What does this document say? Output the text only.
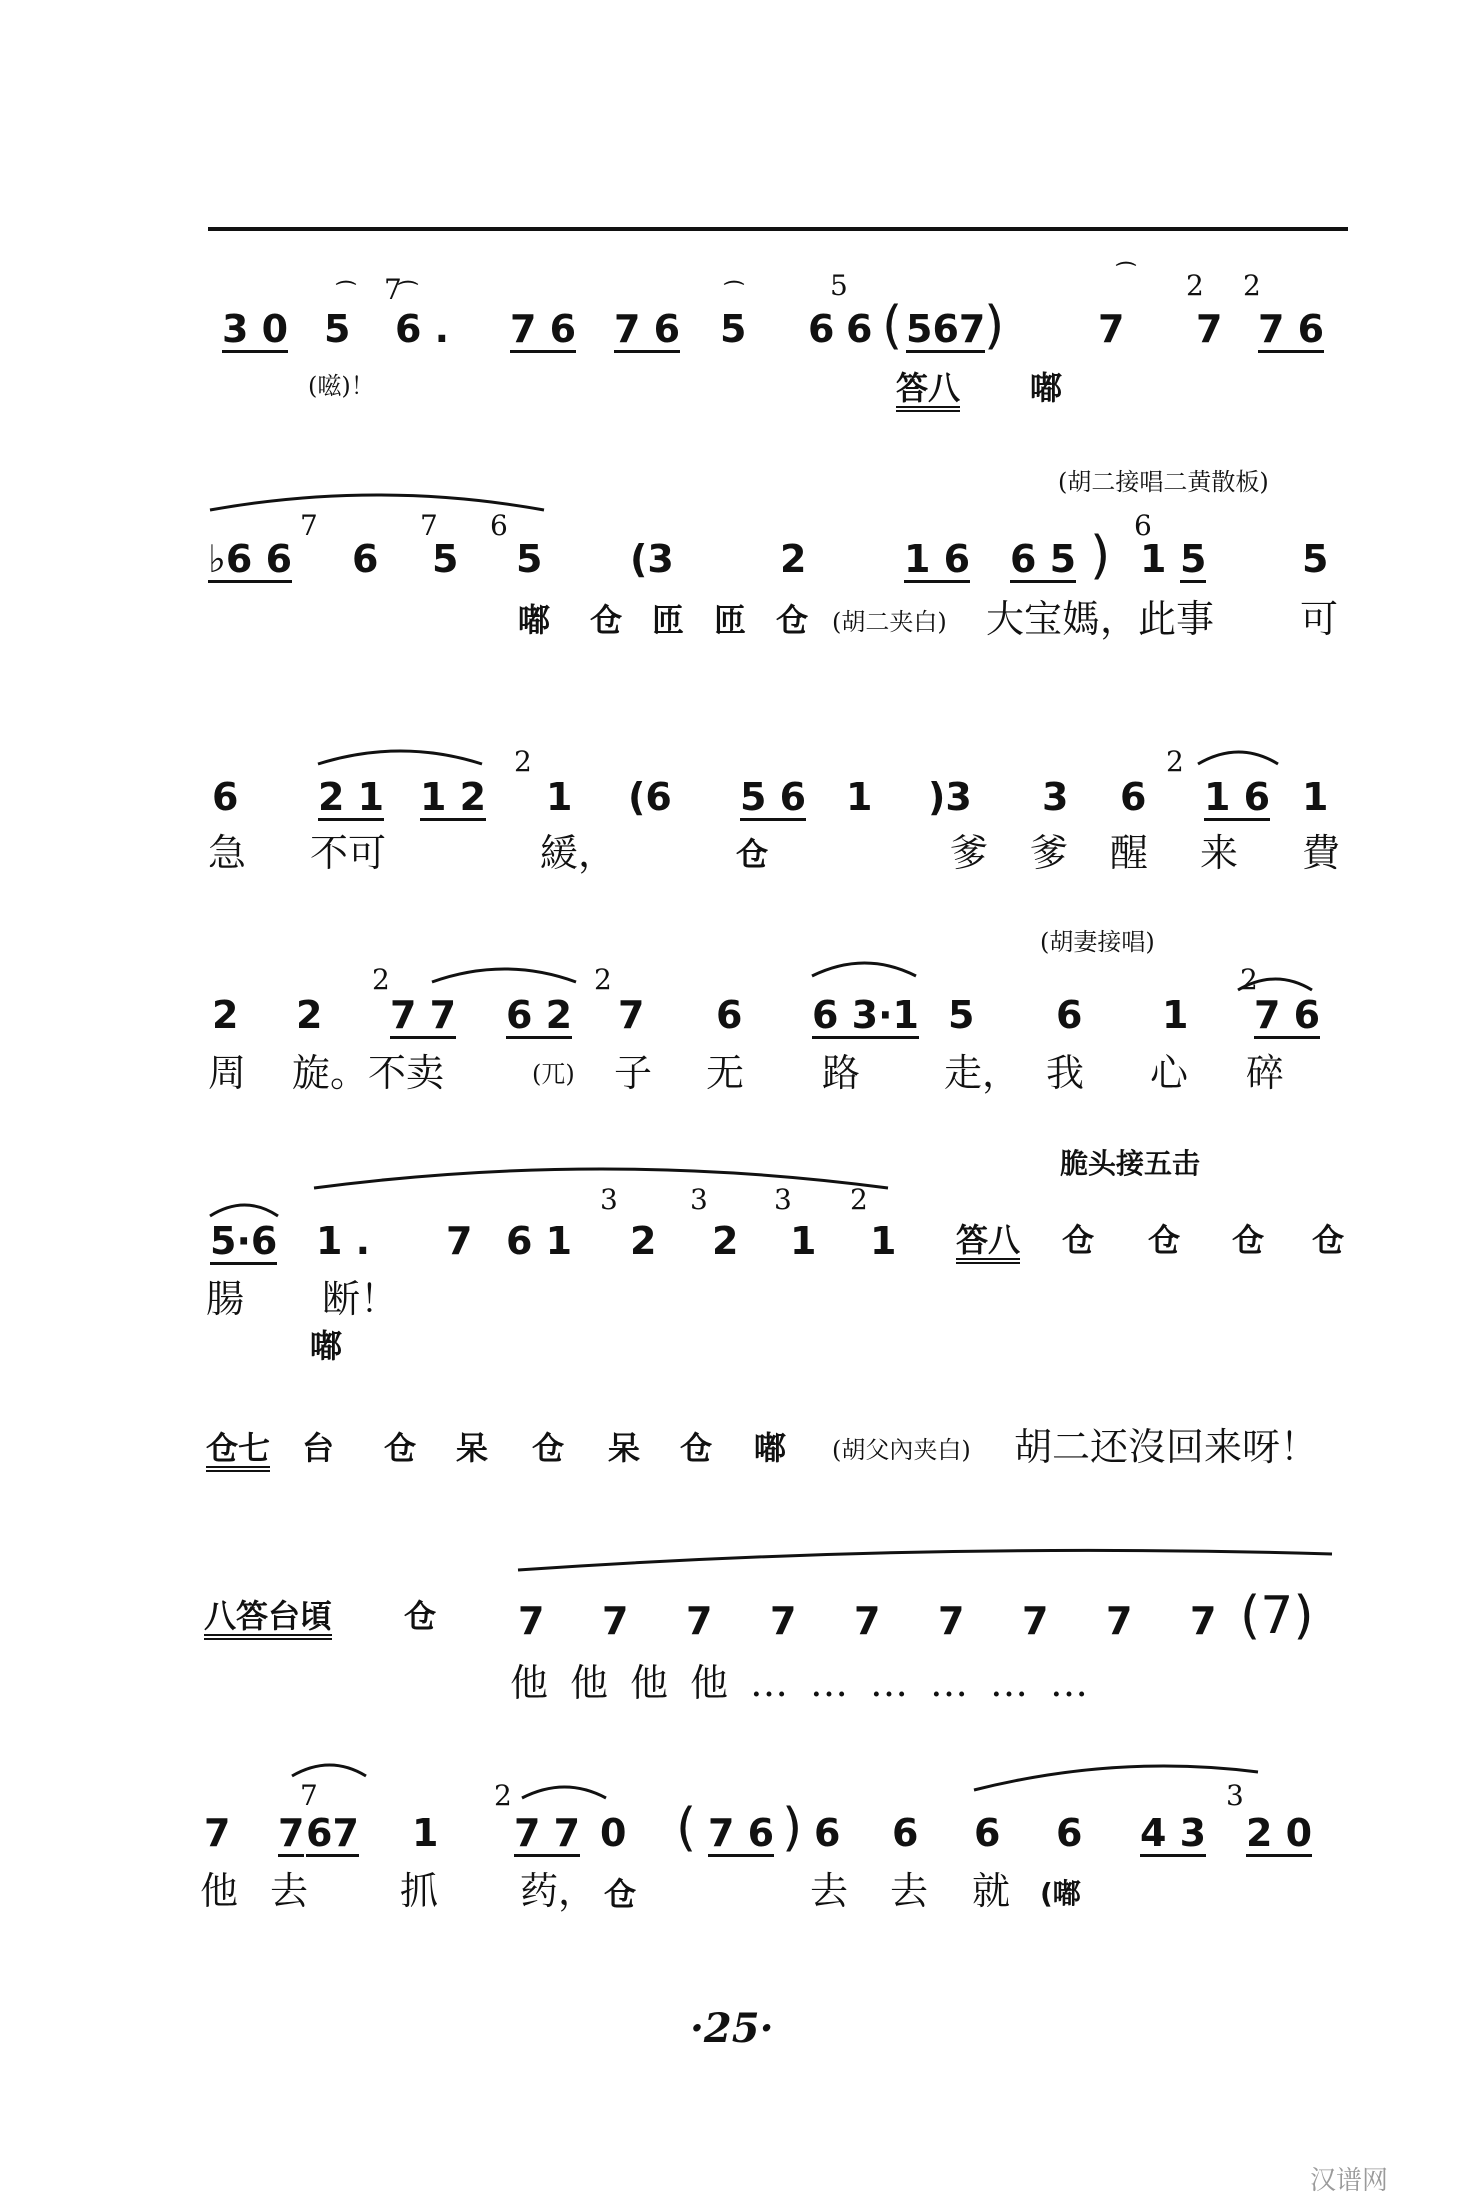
⌒ ⌒	⌒
⌒
7	5	2 2
3 0 5 6 . 7 6 7 6 5 6 6 ( 567
) 7 7 7 6
(嗞)！	答八 嘟
(胡二接唱二黄散板)
7	7 6	6
♭6 6 6 5 5 (3	2	1 6 6 5 ) 1 5	5
嘟 仓 匝 匝 仓 (胡二夹白) 大宝媽，此事 可
2	2
6 2 1 1 2 1 (6 5 6 1 )3 3 6 1 6 1
急 不可	緩，	仓	爹 爹 醒 来 費
(胡妻接唱)
2	2	2
2 2 7 7 6 2 7 6 6 3·1 5 6 1 7 6
周 旋。不卖	(兀) 子 无 路 走， 我 心 碎
脆头接五击
3	3 3 2
5·6 1 . 7 6 1 2 2 1 1 答八 仓 仓 仓 仓
腸 断！
嘟
仓七 台 仓 呆 仓 呆 仓 嘟 (胡父內夹白) 胡二还沒回来呀！
八答台頃 仓 7 7 7 7 7 7 7 7 7 (7)
他他他他………………
7	2	3
7 7 67 1 7 7 0 ( 7 6 ) 6 6 6 6 4 3 2 0
他 去 抓 药， 仓	去 去 就 (嘟
·25·
汉谱网
